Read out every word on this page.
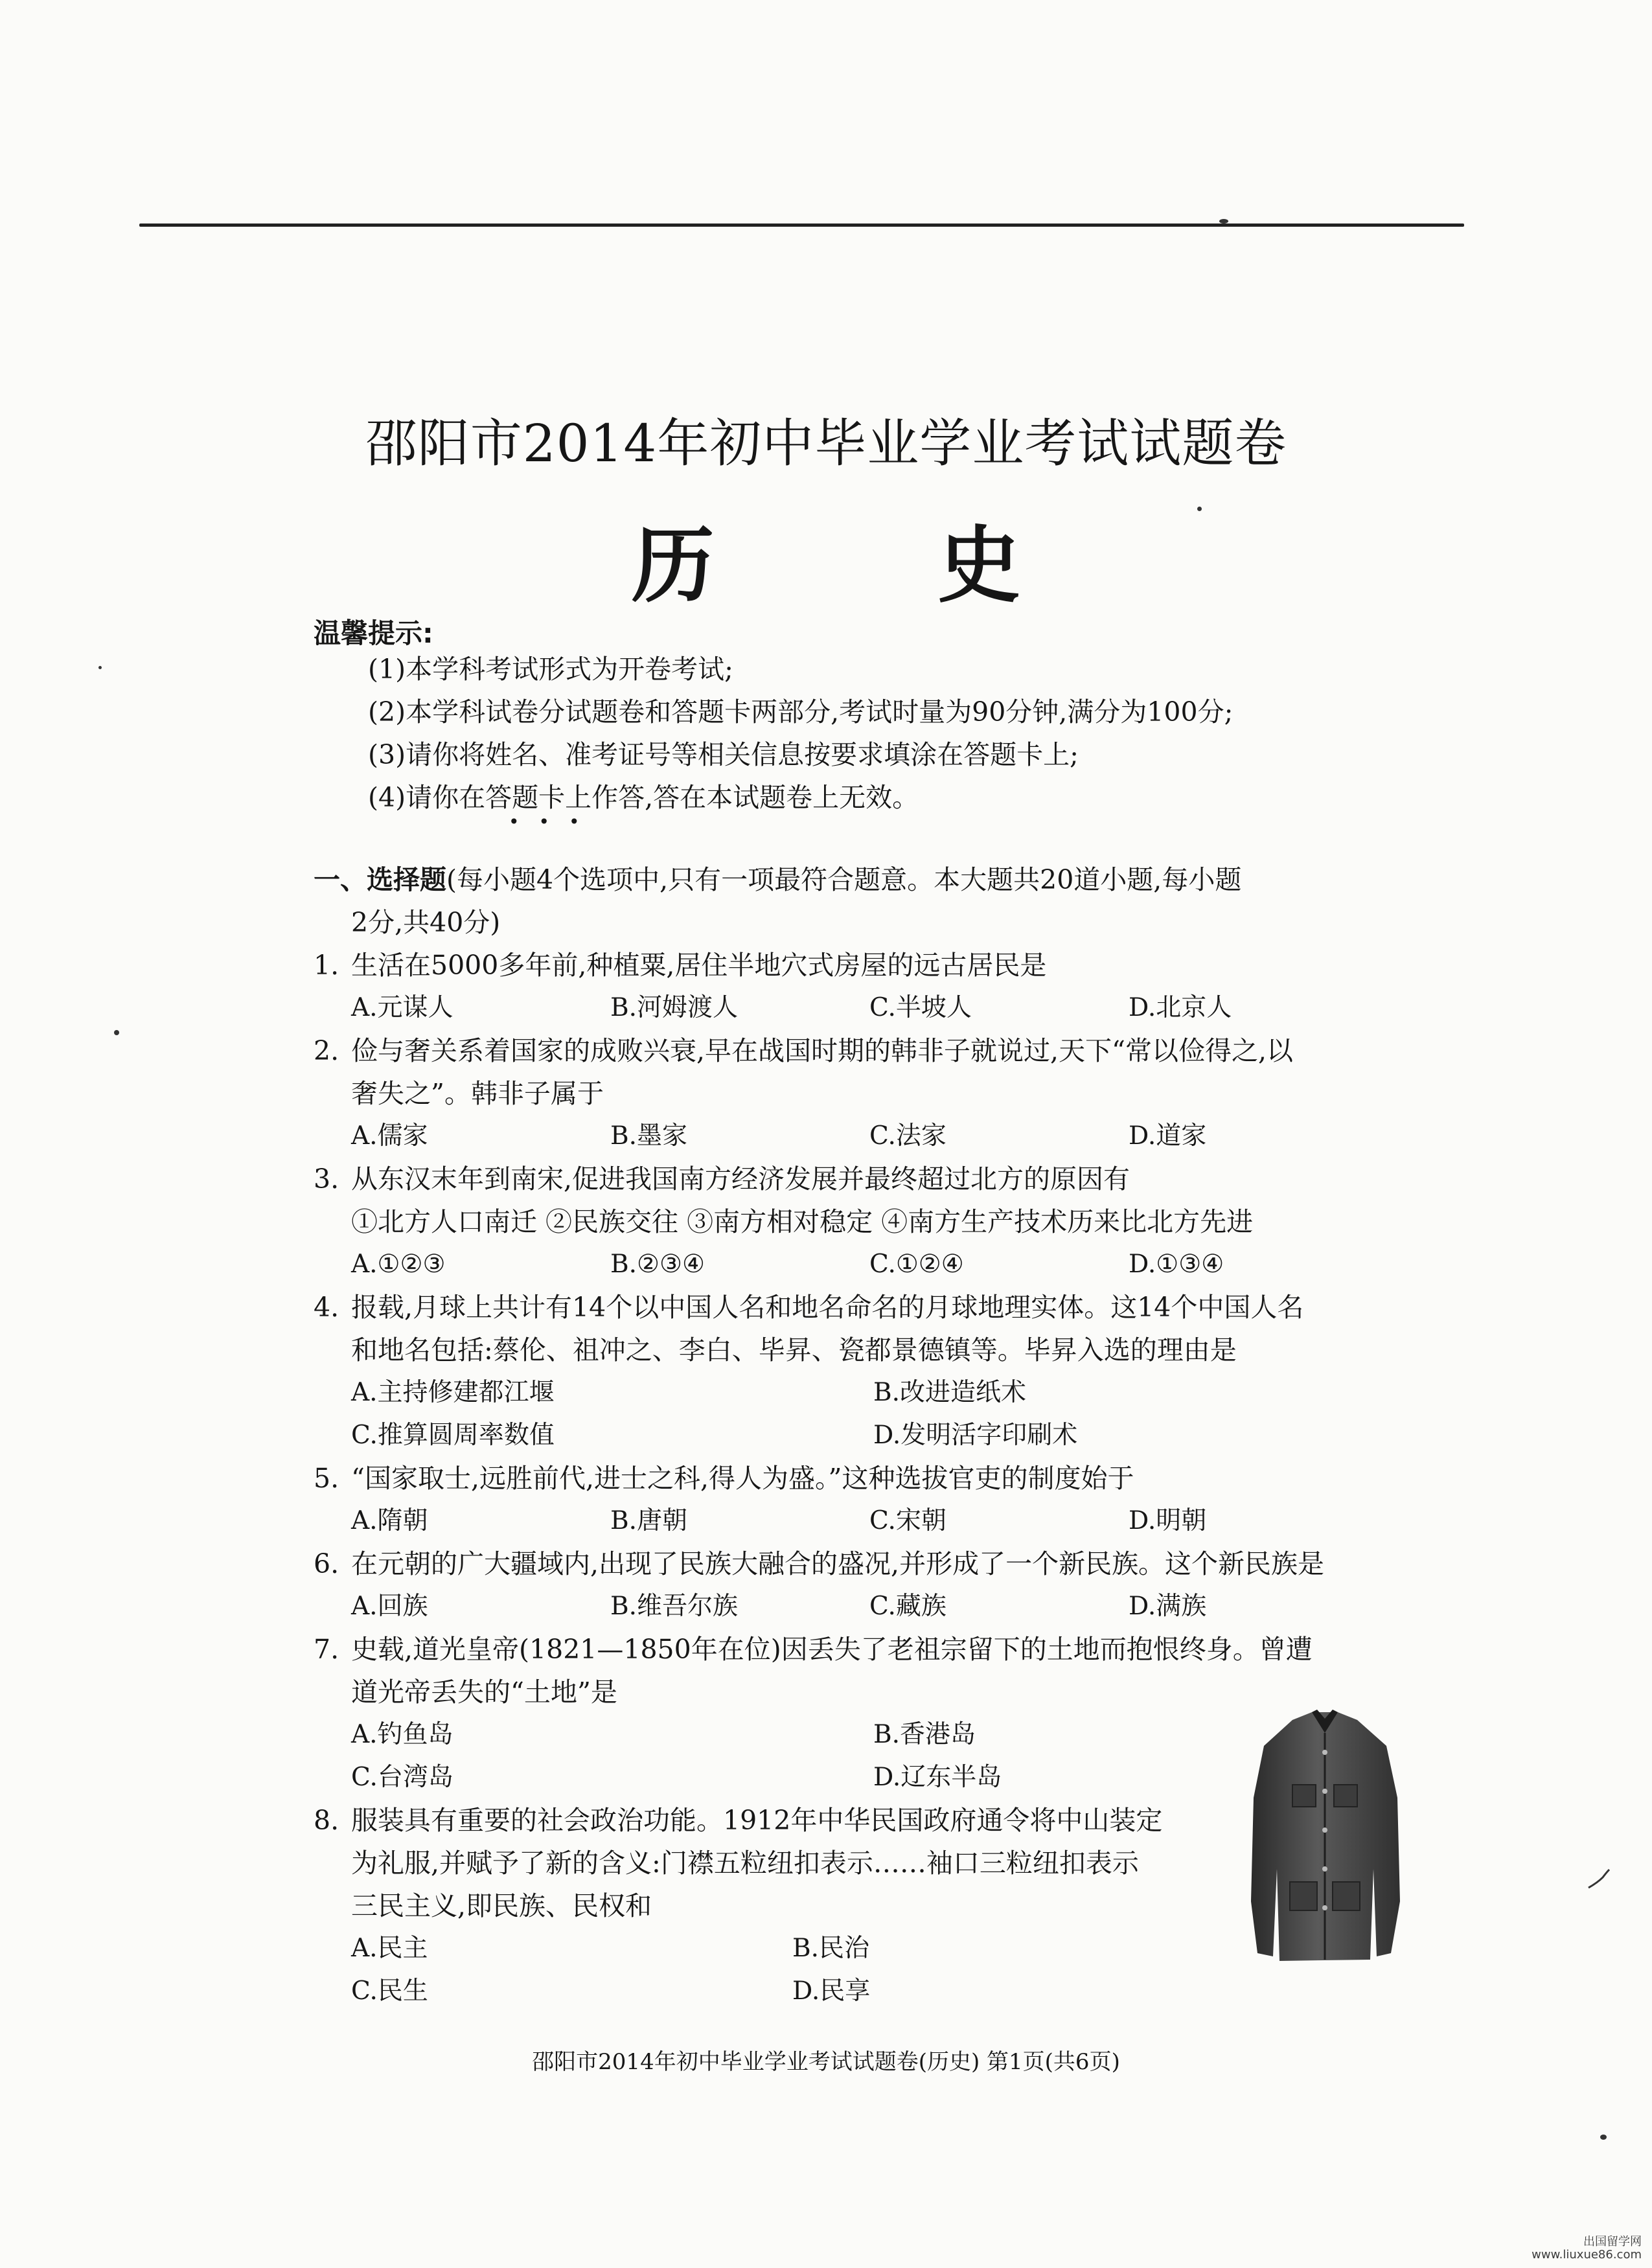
邵阳市2014年初中毕业学业考试试题卷
历 史
温馨提示:
(1)本学科考试形式为开卷考试;
(2)本学科试卷分试题卷和答题卡两部分,考试时量为90分钟,满分为100分;
(3)请你将姓名、准考证号等相关信息按要求填涂在答题卡上;
(4)请你在答题卡上作答,答在本试题卷上无效。
•••
一、选择题(每小题4个选项中,只有一项最符合题意。本大题共20道小题,每小题
2分,共40分)
1. 生活在5000多年前,种植粟,居住半地穴式房屋的远古居民是
A.元谋人	B.河姆渡人	C.半坡人	D.北京人
2. 俭与奢关系着国家的成败兴衰,早在战国时期的韩非子就说过,天下“常以俭得之,以
奢失之”。韩非子属于
A.儒家	B.墨家	C.法家	D.道家
3. 从东汉末年到南宋,促进我国南方经济发展并最终超过北方的原因有
①北方人口南迁 ②民族交往 ③南方相对稳定 ④南方生产技术历来比北方先进
A.①②③	B.②③④	C.①②④	D.①③④
4. 报载,月球上共计有14个以中国人名和地名命名的月球地理实体。这14个中国人名
和地名包括:蔡伦、祖冲之、李白、毕昇、瓷都景德镇等。毕昇入选的理由是
A.主持修建都江堰	B.改进造纸术
C.推算圆周率数值	D.发明活字印刷术
5. “国家取士,远胜前代,进士之科,得人为盛。”这种选拔官吏的制度始于
A.隋朝	B.唐朝	C.宋朝	D.明朝
6. 在元朝的广大疆域内,出现了民族大融合的盛况,并形成了一个新民族。这个新民族是
A.回族	B.维吾尔族	C.藏族	D.满族
7. 史载,道光皇帝(1821—1850年在位)因丢失了老祖宗留下的土地而抱恨终身。曾遭
道光帝丢失的“土地”是
A.钓鱼岛	B.香港岛
C.台湾岛	D.辽东半岛
8. 服装具有重要的社会政治功能。1912年中华民国政府通令将中山装定
为礼服,并赋予了新的含义:门襟五粒纽扣表示……袖口三粒纽扣表示
三民主义,即民族、民权和
A.民主	B.民治
C.民生	D.民享
邵阳市2014年初中毕业学业考试试题卷(历史) 第1页(共6页)
出国留学网
www.liuxue86.com
